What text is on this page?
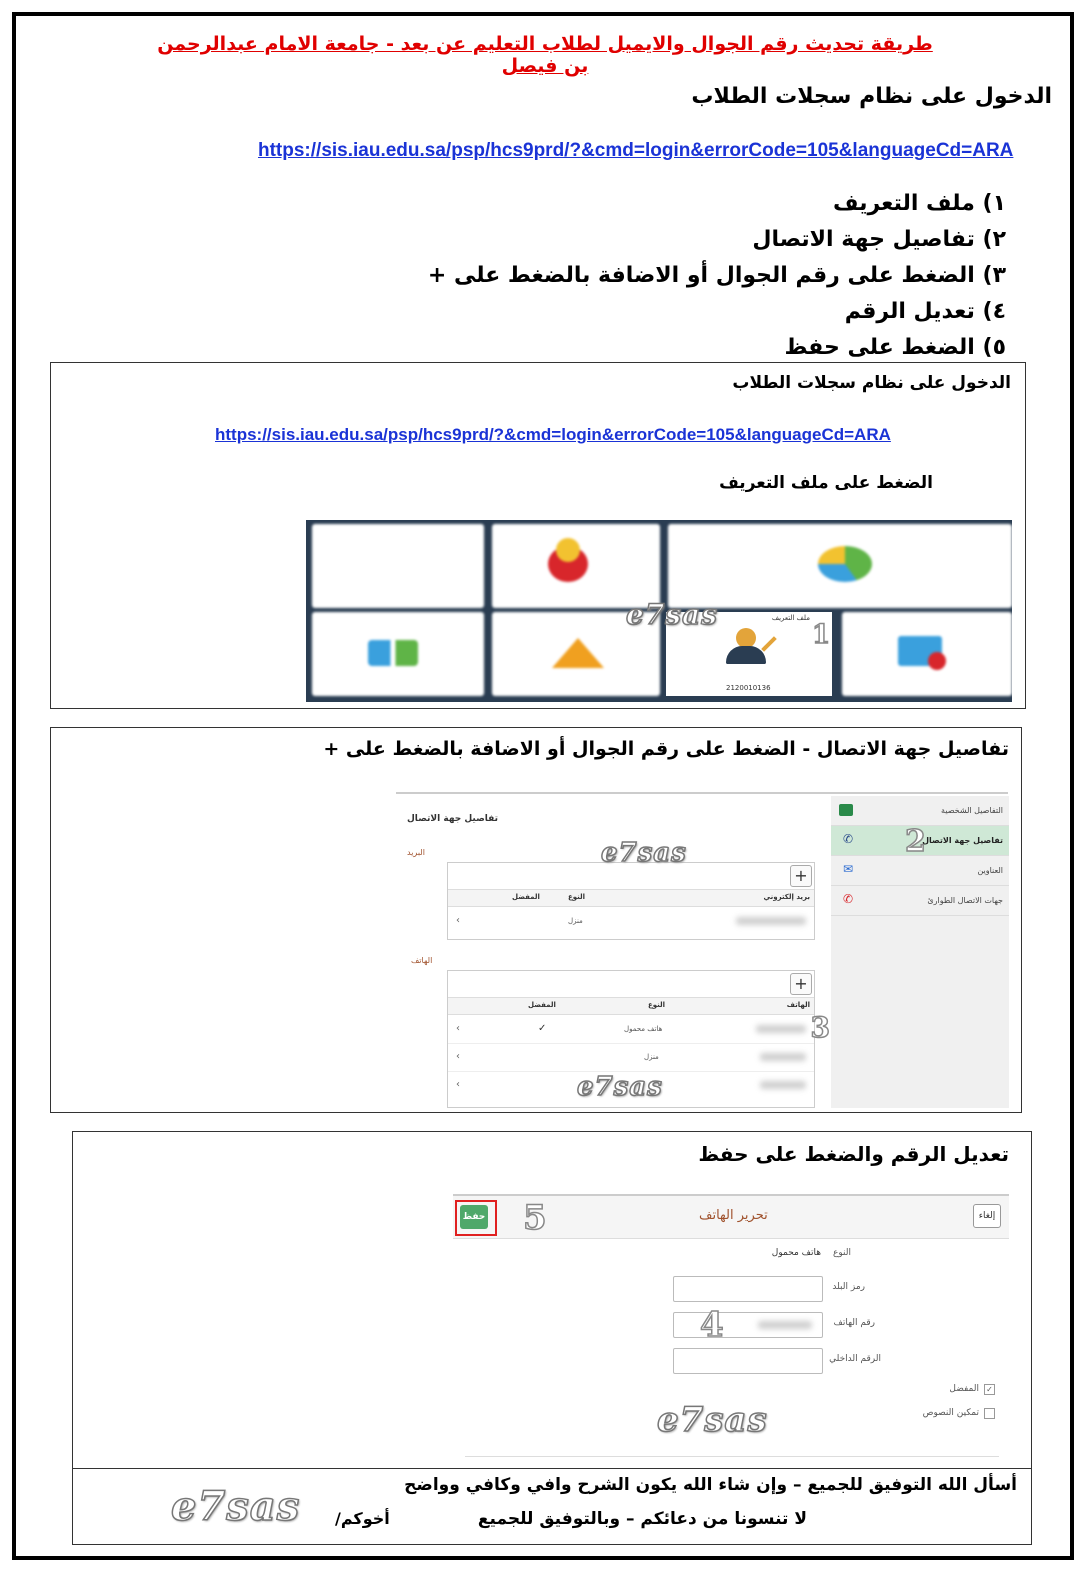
طريقة تحديث رقم الجوال والايميل لطلاب التعليم عن بعد - جامعة الامام عبدالرحمن بن فيصل
الدخول على نظام سجلات الطلاب
https://sis.iau.edu.sa/psp/hcs9prd/?&cmd=login&errorCode=105&languageCd=ARA
١) ملف التعريف
٢) تفاصيل جهة الاتصال
٣) الضغط على رقم الجوال أو الاضافة بالضغط على +
٤) تعديل الرقم
٥) الضغط على حفظ
الدخول على نظام سجلات الطلاب
https://sis.iau.edu.sa/psp/hcs9prd/?&cmd=login&errorCode=105&languageCd=ARA
الضغط على ملف التعريف
ملف التعريف
2120010136
1
e7sas
تفاصيل جهة الاتصال - الضغط على رقم الجوال أو الاضافة بالضغط على +
التفاصيل الشخصية
تفاصيل جهة الاتصال
✆ 2
العناوين
✉
جهات الاتصال الطوارئ
✆
تفاصيل جهة الاتصال
البريد
+
بريد إلكتروني
النوع
المفضل
منزل
‹
الهاتف
+
الهاتف
النوع
المفضل
هاتف محمول
✓
‹	3
منزل
‹
‹
e7sas
e7sas
تعديل الرقم والضغط على حفظ
إلغاء
تحرير الهاتف
حفظ 5
النوع
هاتف محمول
رمز البلد
رقم الهاتف
4
الرقم الداخلي
✓
المفضل
تمكين النصوص
e7sas
أسأل الله التوفيق للجميع – وإن شاء الله يكون الشرح وافي وكافي وواضح
لا تنسونا من دعائكم – وبالتوفيق للجميع
أخوكم/
e7sas
